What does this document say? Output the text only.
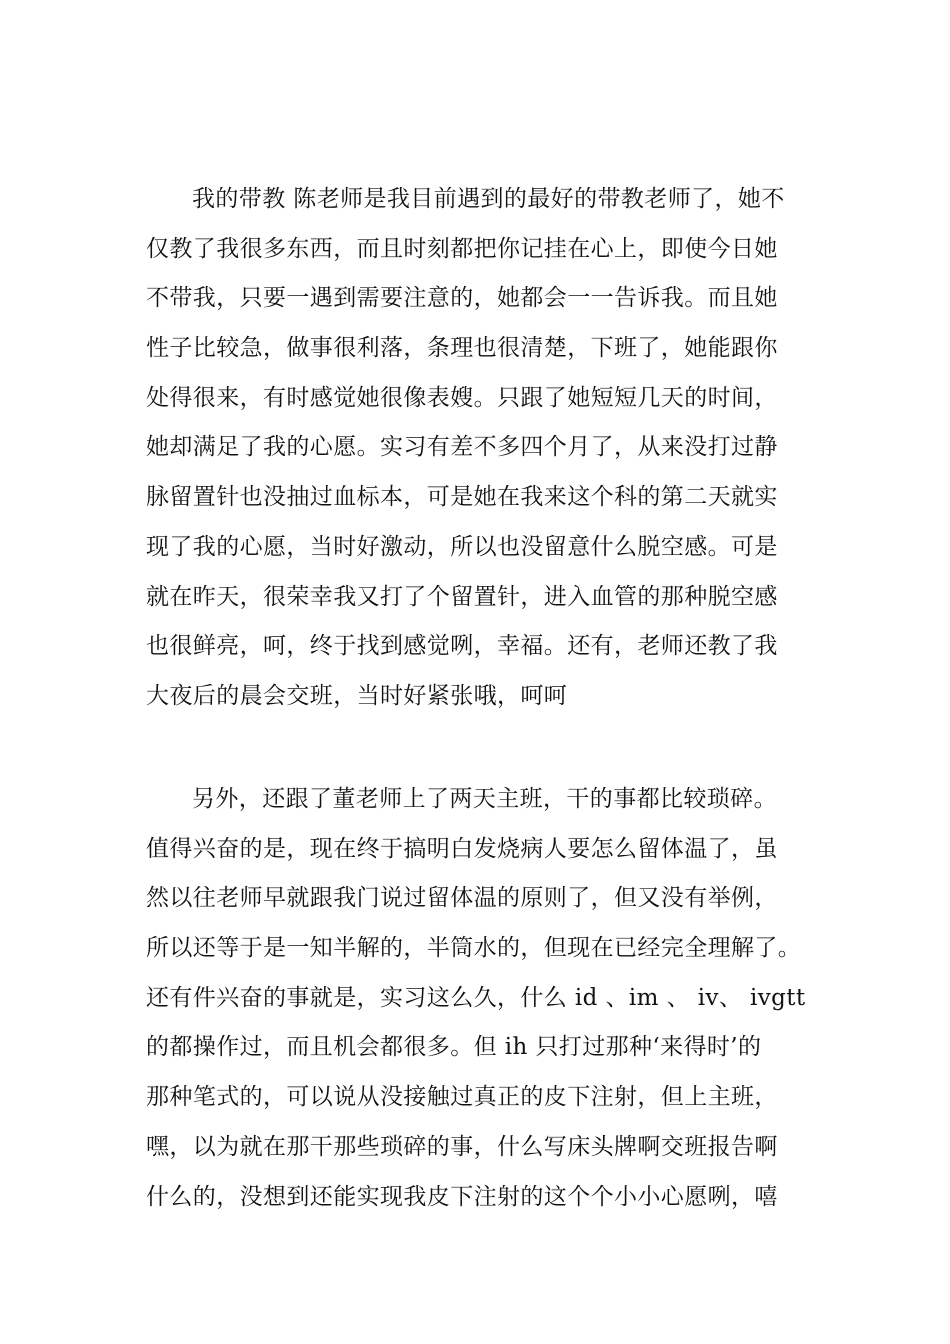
我的带教 陈老师是我目前遇到的最好的带教老师了，她不
仅教了我很多东西，而且时刻都把你记挂在心上，即使今日她
不带我，只要一遇到需要注意的，她都会一一告诉我。而且她
性子比较急，做事很利落，条理也很清楚，下班了，她能跟你
处得很来，有时感觉她很像表嫂。只跟了她短短几天的时间，
她却满足了我的心愿。实习有差不多四个月了，从来没打过静
脉留置针也没抽过血标本，可是她在我来这个科的第二天就实
现了我的心愿，当时好激动，所以也没留意什么脱空感。可是
就在昨天，很荣幸我又打了个留置针，进入血管的那种脱空感
也很鲜亮，呵，终于找到感觉咧，幸福。还有，老师还教了我
大夜后的晨会交班，当时好紧张哦，呵呵
另外，还跟了董老师上了两天主班，干的事都比较琐碎。
值得兴奋的是，现在终于搞明白发烧病人要怎么留体温了，虽
然以往老师早就跟我门说过留体温的原则了，但又没有举例，
所以还等于是一知半解的，半筒水的，但现在已经完全理解了。
还有件兴奋的事就是，实习这么久，什么 id 、im 、 iv、 ivgtt
的都操作过，而且机会都很多。但 ih 只打过那种‘来得时’的
那种笔式的，可以说从没接触过真正的皮下注射，但上主班，
嘿，以为就在那干那些琐碎的事，什么写床头牌啊交班报告啊
什么的，没想到还能实现我皮下注射的这个个小小心愿咧，嘻
